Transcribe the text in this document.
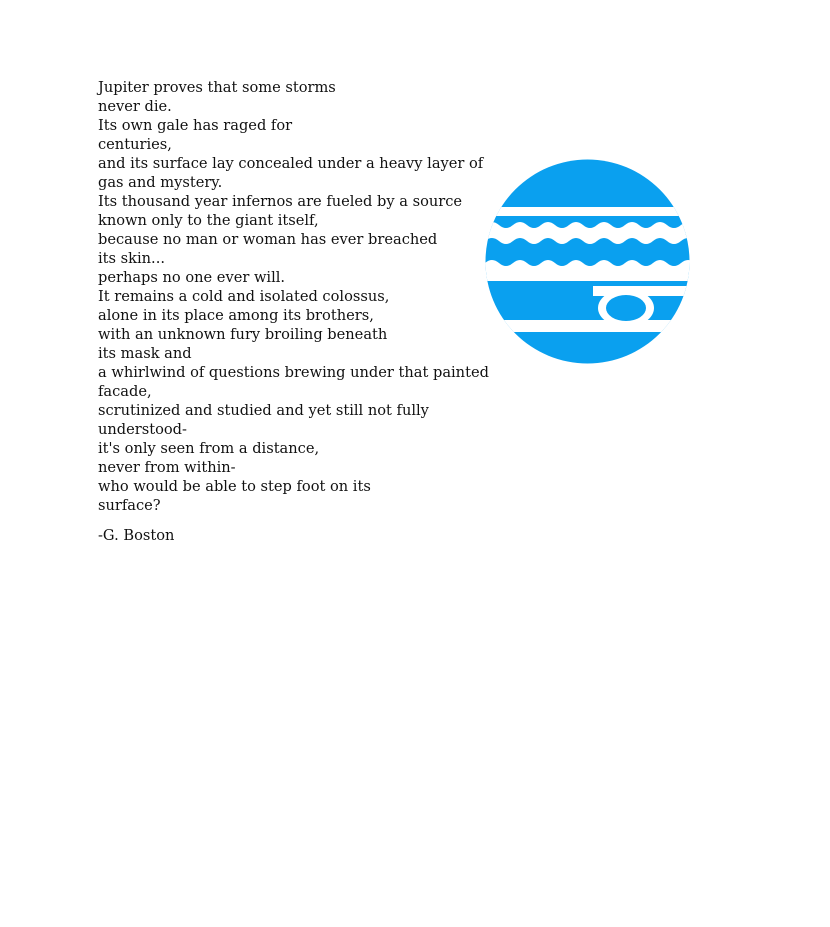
Jupiter proves that some storms
never die.
Its own gale has raged for
centuries,
and its surface lay concealed under a heavy layer of
gas and mystery.
Its thousand year infernos are fueled by a source
known only to the giant itself,
because no man or woman has ever breached
its skin...
perhaps no one ever will.
It remains a cold and isolated colossus,
alone in its place among its brothers,
with an unknown fury broiling beneath
its mask and
a whirlwind of questions brewing under that painted
facade,
scrutinized and studied and yet still not fully
understood-
it's only seen from a distance,
never from within-
who would be able to step foot on its
surface?
-G. Boston
